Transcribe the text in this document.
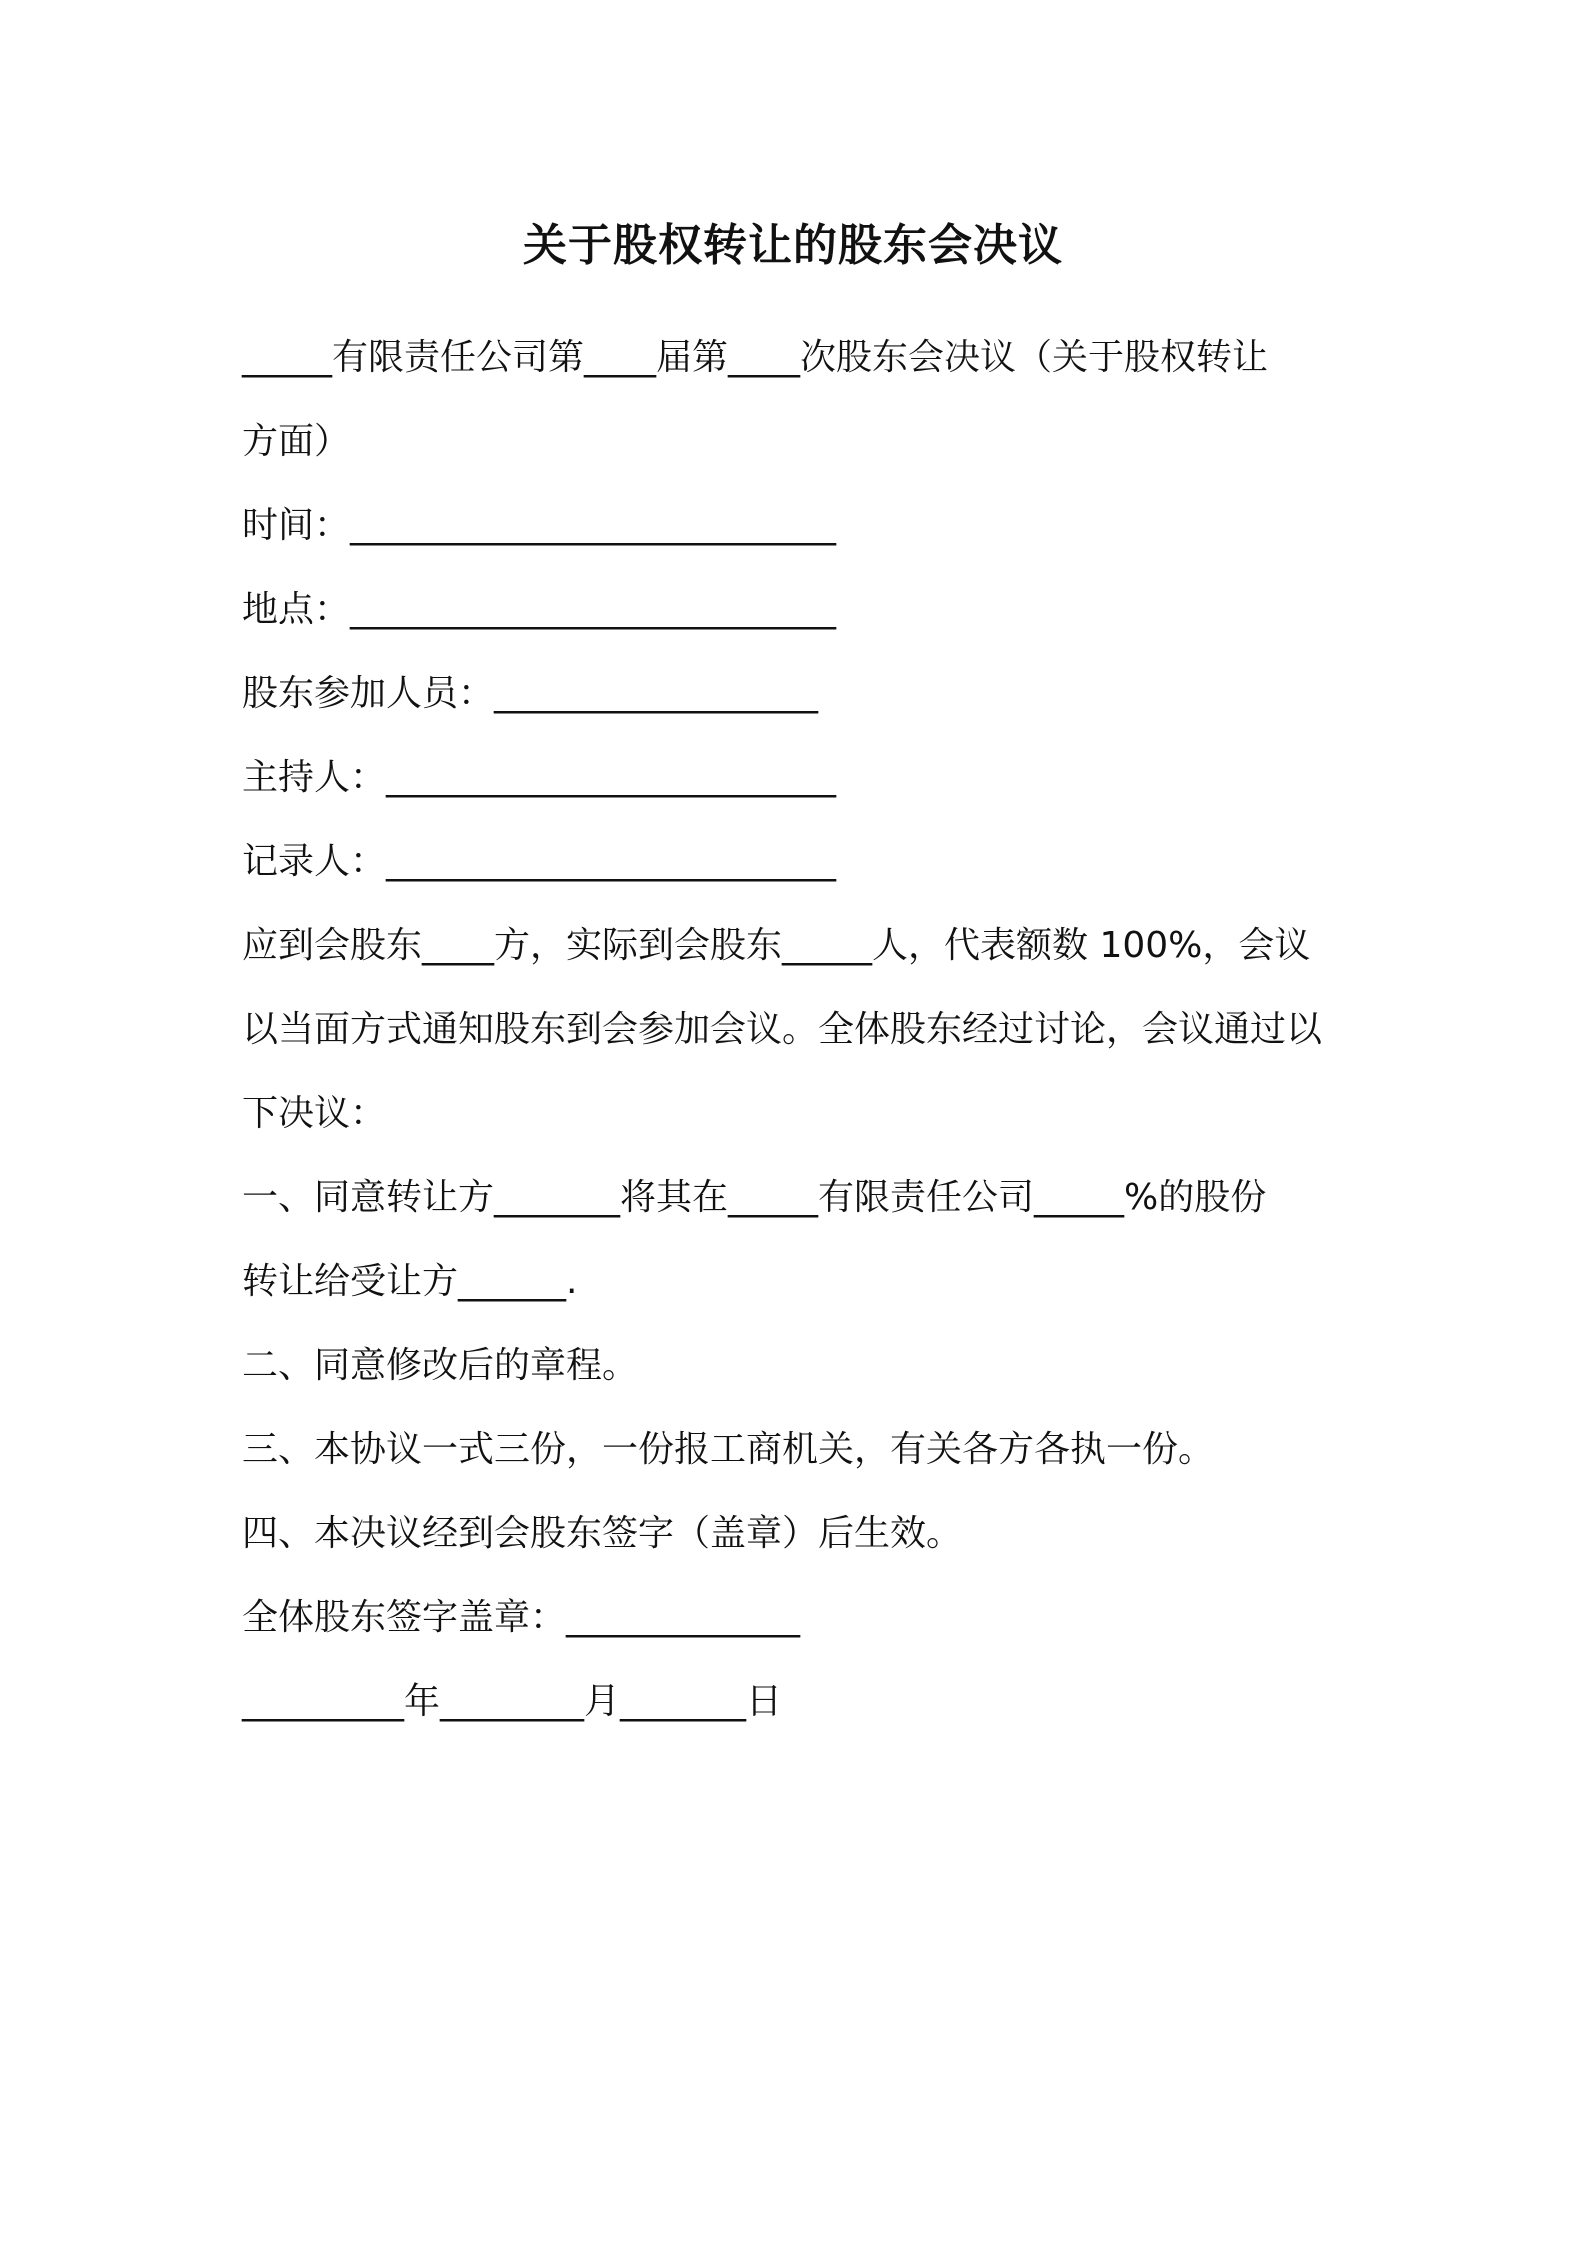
关于股权转让的股东会决议

_____有限责任公司第____届第____次股东会决议（关于股权转让

方面）

时间：___________________________

地点：___________________________

股东参加人员：__________________

主持人：_________________________

记录人：_________________________

应到会股东____方，实际到会股东_____人，代表额数 100%，会议

以当面方式通知股东到会参加会议。全体股东经过讨论，会议通过以

下决议：

一、同意转让方_______将其在_____有限责任公司_____%的股份

转让给受让方______.

二、同意修改后的章程。

三、本协议一式三份，一份报工商机关，有关各方各执一份。

四、本决议经到会股东签字（盖章）后生效。

全体股东签字盖章：_____________

_________年________月_______日
